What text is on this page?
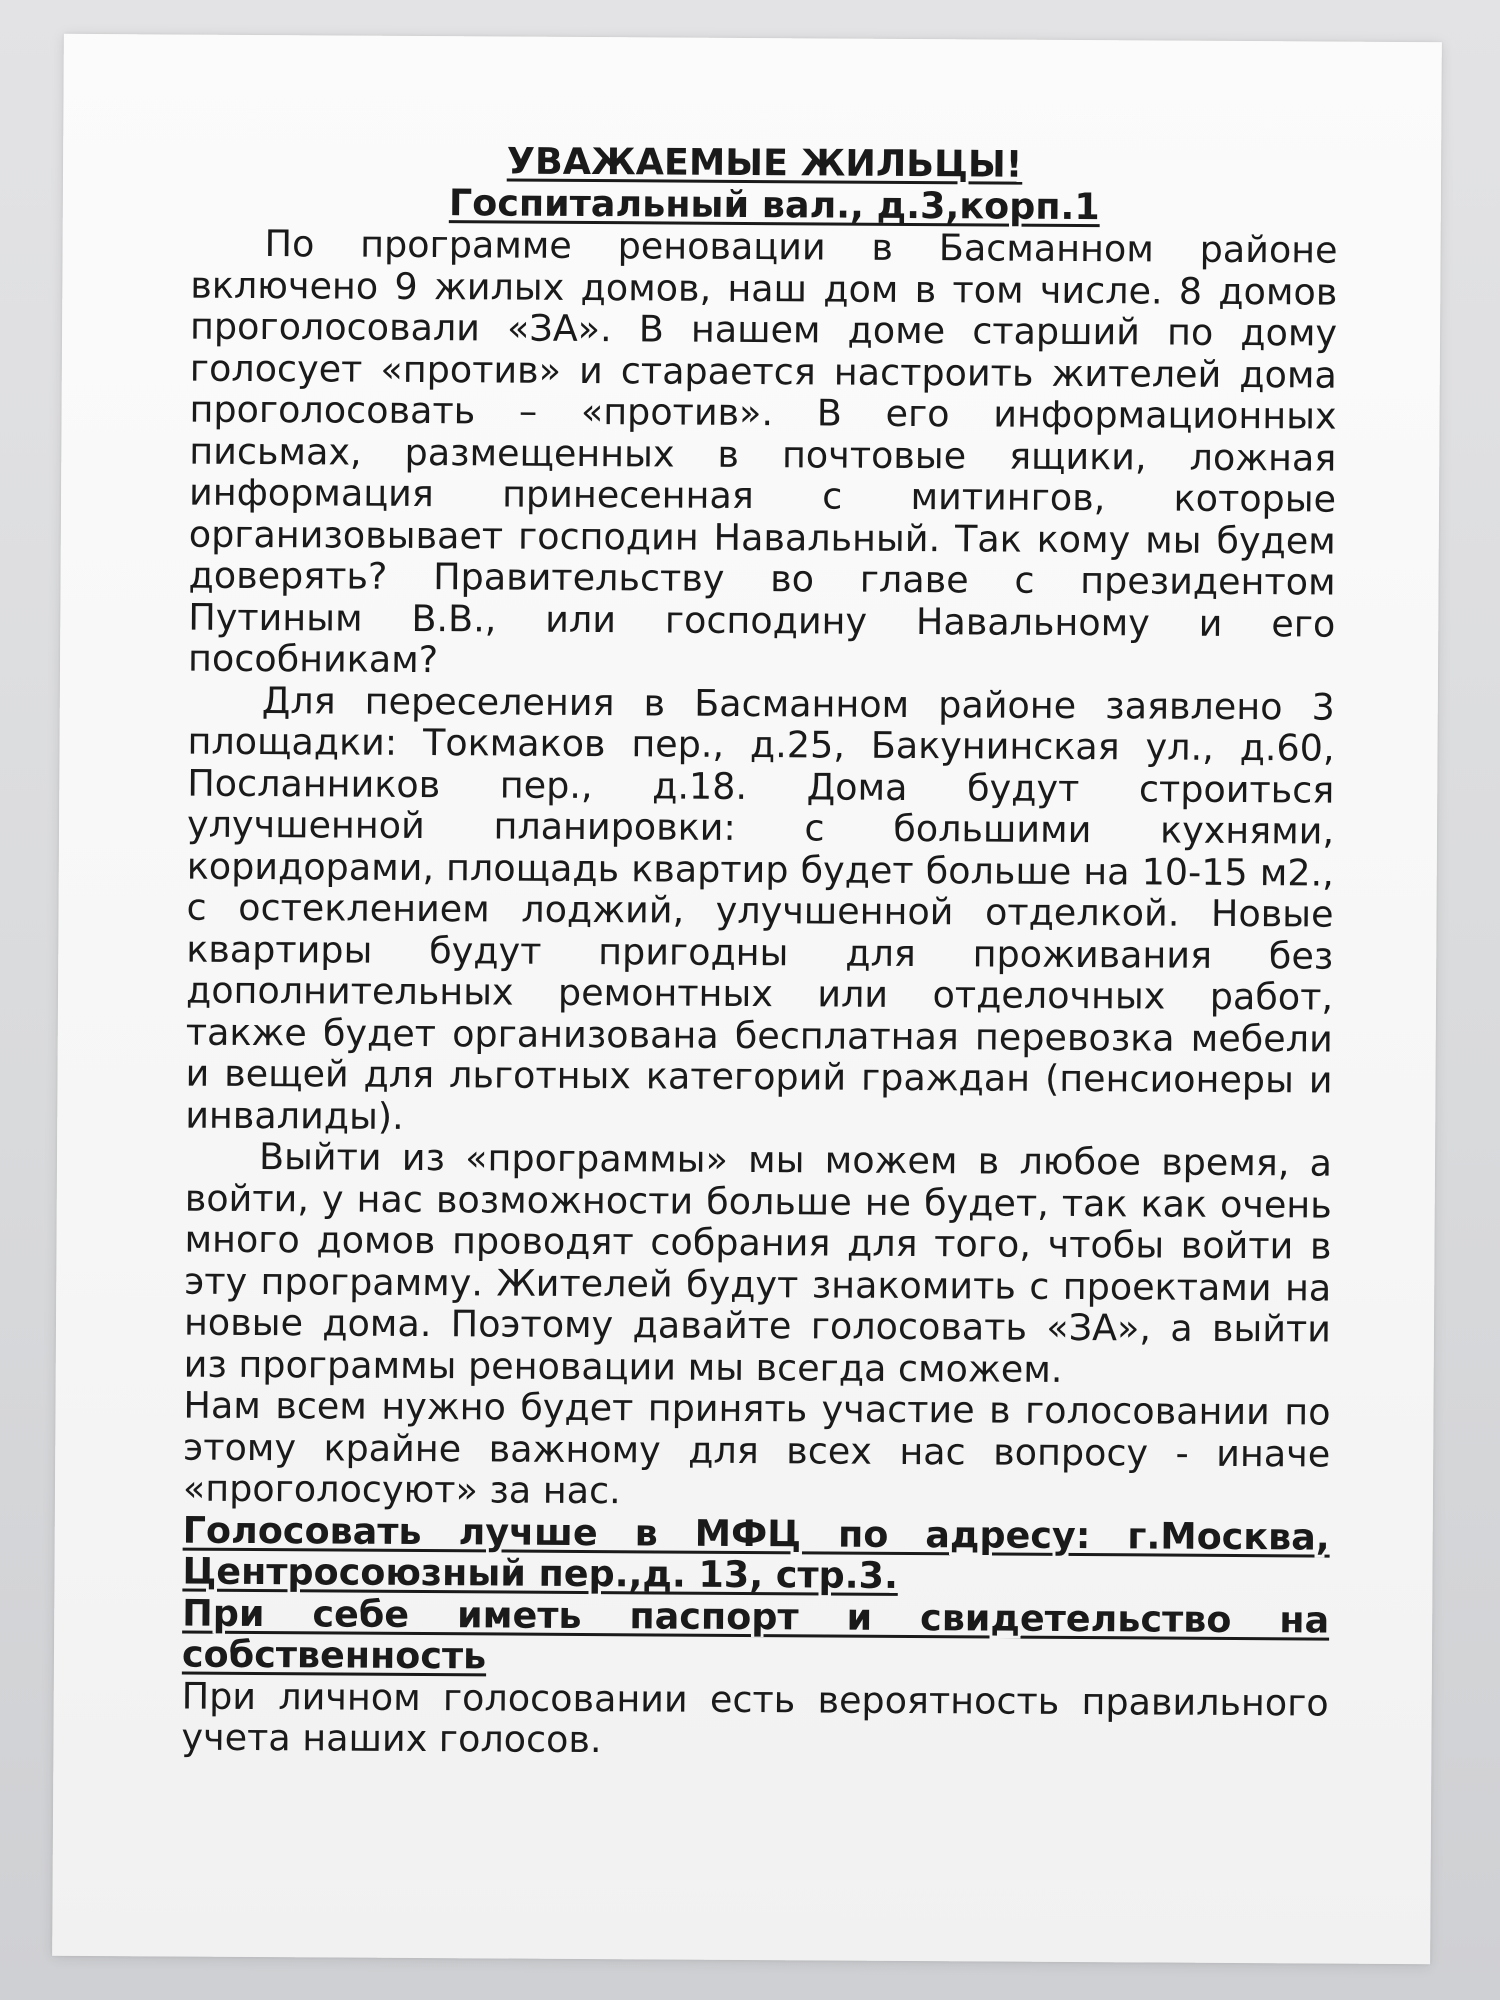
УВАЖАЕМЫЕ ЖИЛЬЦЫ!

Госпитальный вал., д.3,корп.1

По программе реновации в Басманном районе включено 9 жилых домов, наш дом в том числе. 8 домов проголосовали «ЗА». В нашем доме старший по дому голосует «против» и старается настроить жителей дома проголосовать – «против». В его информационных письмах, размещенных в почтовые ящики, ложная информация принесенная с митингов, которые организовывает господин Навальный. Так кому мы будем доверять? Правительству во главе с президентом Путиным В.В., или господину Навальному и его пособникам?

Для переселения в Басманном районе заявлено 3 площадки: Токмаков пер., д.25, Бакунинская ул., д.60, Посланников пер., д.18. Дома будут строиться улучшенной планировки: с большими кухнями, коридорами, площадь квартир будет больше на 10-15 м2., с остеклением лоджий, улучшенной отделкой. Новые квартиры будут пригодны для проживания без дополнительных ремонтных или отделочных работ, также будет организована бесплатная перевозка мебели и вещей для льготных категорий граждан (пенсионеры и инвалиды).

Выйти из «программы» мы можем в любое время, а войти, у нас возможности больше не будет, так как очень много домов проводят собрания для того, чтобы войти в эту программу. Жителей будут знакомить с проектами на новые дома. Поэтому давайте голосовать «ЗА», а выйти из программы реновации мы всегда сможем.

Нам всем нужно будет принять участие в голосовании по этому крайне важному для всех нас вопросу - иначе «проголосуют» за нас.

Голосовать лучше в МФЦ по адресу: г.Москва, Центросоюзный пер.,д. 13, стр.3.

При себе иметь паспорт и свидетельство на собственность

При личном голосовании есть вероятность правильного учета наших голосов.
